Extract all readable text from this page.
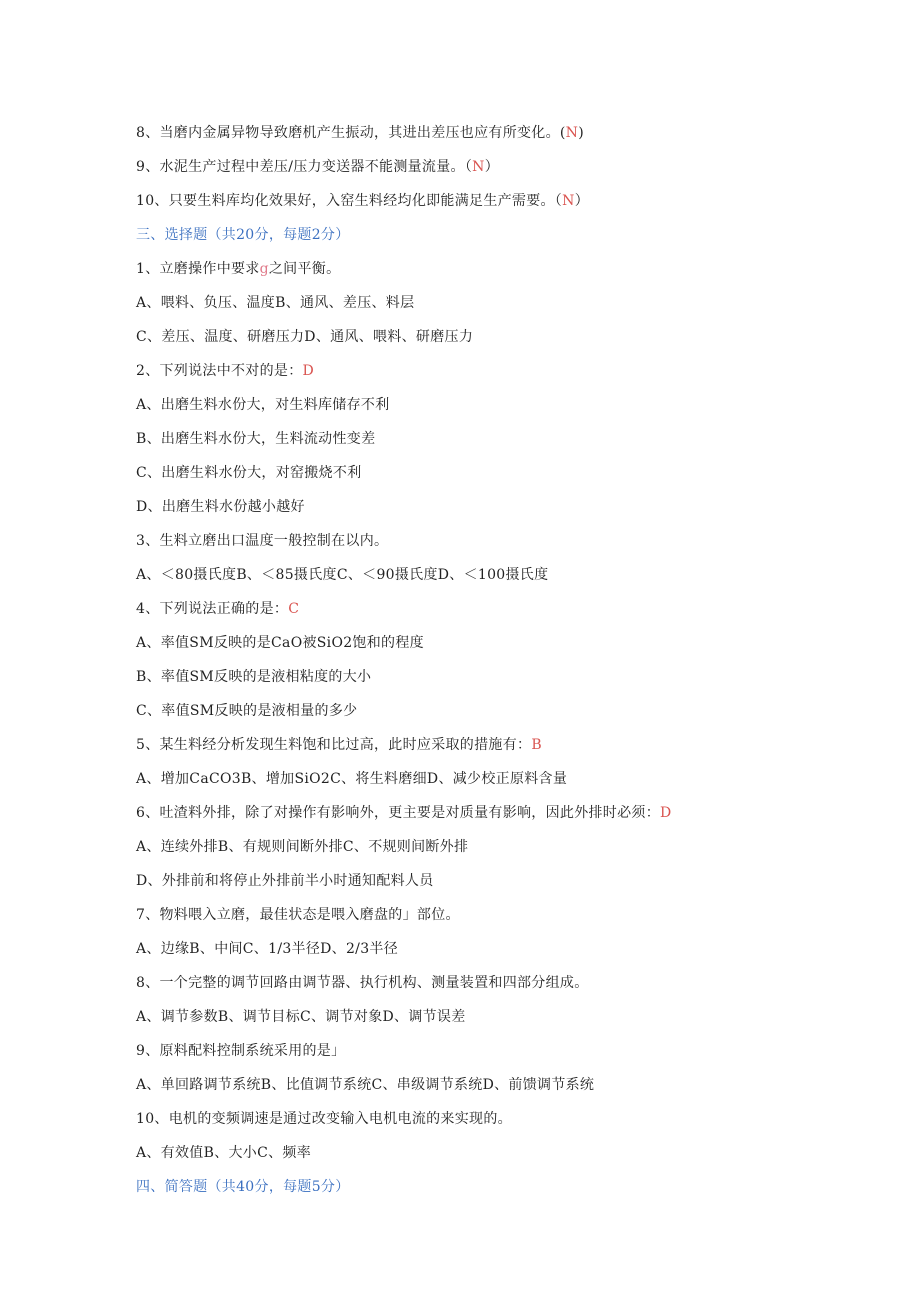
8、当磨内金属异物导致磨机产生振动，其进出差压也应有所变化。(N)
9、水泥生产过程中差压/压力变送器不能测量流量。（N）
10、只要生料库均化效果好，入窑生料经均化即能满足生产需要。（N）
三、选择题（共20分，每题2分）
1、立磨操作中要求g之间平衡。
A、喂料、负压、温度B、通风、差压、料层
C、差压、温度、研磨压力D、通风、喂料、研磨压力
2、下列说法中不对的是：D
A、出磨生料水份大，对生料库储存不利
B、出磨生料水份大，生料流动性变差
C、出磨生料水份大，对窑搬烧不利
D、出磨生料水份越小越好
3、生料立磨出口温度一般控制在以内。
A、＜80摄氏度B、＜85摄氏度C、＜90摄氏度D、＜100摄氏度
4、下列说法正确的是：C
A、率值SM反映的是CaO被SiO2饱和的程度
B、率值SM反映的是液相粘度的大小
C、率值SM反映的是液相量的多少
5、某生料经分析发现生料饱和比过高，此时应采取的措施有：B
A、增加CaCO3B、增加SiO2C、将生料磨细D、减少校正原料含量
6、吐渣料外排，除了对操作有影响外，更主要是对质量有影响，因此外排时必须：D
A、连续外排B、有规则间断外排C、不规则间断外排
D、外排前和将停止外排前半小时通知配料人员
7、物料喂入立磨，最佳状态是喂入磨盘的」部位。
A、边缘B、中间C、1/3半径D、2/3半径
8、一个完整的调节回路由调节器、执行机构、测量装置和四部分组成。
A、调节参数B、调节目标C、调节对象D、调节误差
9、原料配料控制系统采用的是」
A、单回路调节系统B、比值调节系统C、串级调节系统D、前馈调节系统
10、电机的变频调速是通过改变输入电机电流的来实现的。
A、有效值B、大小C、频率
四、简答题（共40分，每题5分）
